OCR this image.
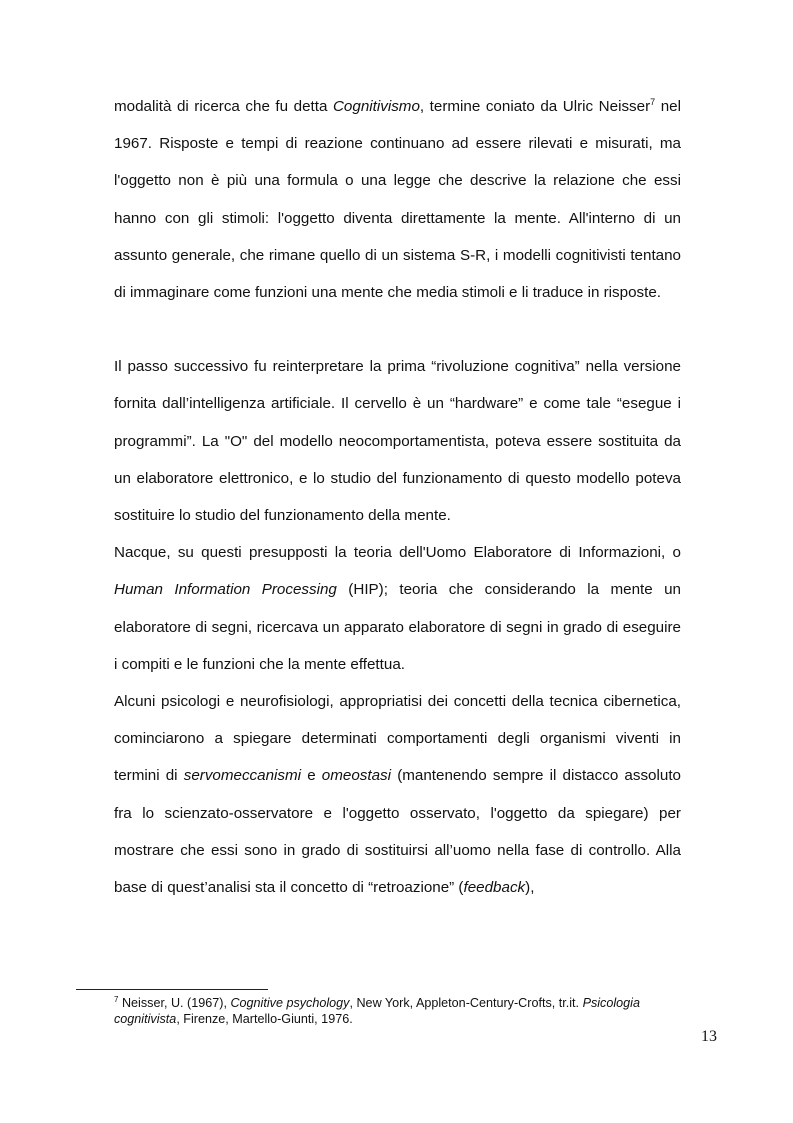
modalità di ricerca che fu detta Cognitivismo, termine coniato da Ulric Neisser$^7$ nel 1967. Risposte e tempi di reazione continuano ad essere rilevati e misurati, ma l'oggetto non è più una formula o una legge che descrive la relazione che essi hanno con gli stimoli: l'oggetto diventa direttamente la mente. All'interno di un assunto generale, che rimane quello di un sistema S-R, i modelli cognitivisti tentano di immaginare come funzioni una mente che media stimoli e li traduce in risposte.

Il passo successivo fu reinterpretare la prima “rivoluzione cognitiva” nella versione fornita dall’intelligenza artificiale. Il cervello è un “hardware” e come tale “esegue i programmi”. La "O" del modello neocomportamentista, poteva essere sostituita da un elaboratore elettronico, e lo studio del funzionamento di questo modello poteva sostituire lo studio del funzionamento della mente.

Nacque, su questi presupposti la teoria dell'Uomo Elaboratore di Informazioni, o Human Information Processing (HIP); teoria che considerando la mente un elaboratore di segni, ricercava un apparato elaboratore di segni in grado di eseguire i compiti e le funzioni che la mente effettua.

Alcuni psicologi e neurofisiologi, appropriatisi dei concetti della tecnica cibernetica, cominciarono a spiegare determinati comportamenti degli organismi viventi in termini di servomeccanismi e omeostasi (mantenendo sempre il distacco assoluto fra lo scienzato-osservatore e l'oggetto osservato, l'oggetto da spiegare) per mostrare che essi sono in grado di sostituirsi all’uomo nella fase di controllo. Alla base di quest’analisi sta il concetto di “retroazione” (feedback),

$^7$ Neisser, U. (1967), Cognitive psychology, New York, Appleton-Century-Crofts, tr.it. Psicologia cognitivista, Firenze, Martello-Giunti, 1976.
13
